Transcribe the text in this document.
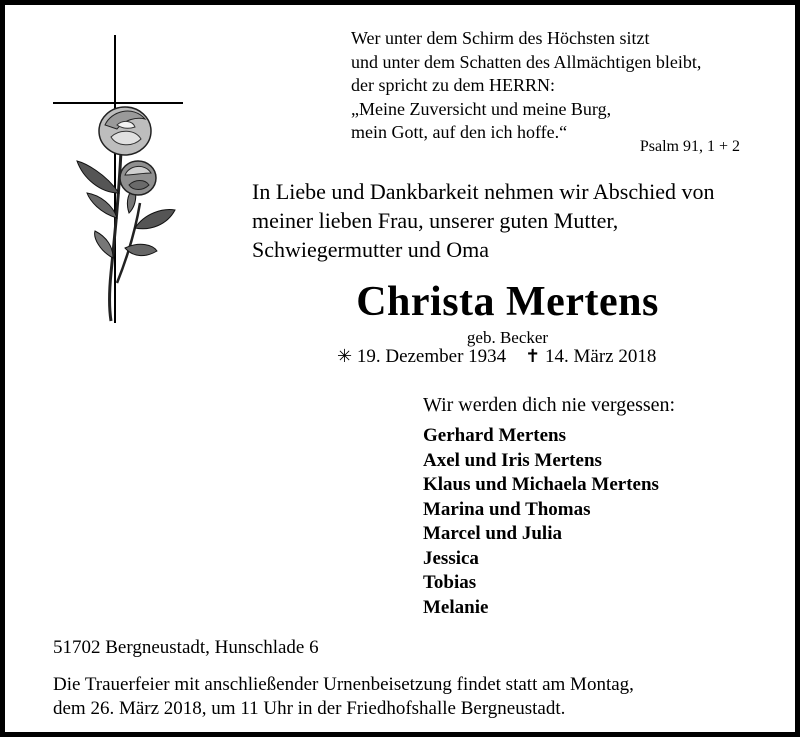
Wer unter dem Schirm des Höchsten sitzt
und unter dem Schatten des Allmächtigen bleibt,
der spricht zu dem HERRN:
„Meine Zuversicht und meine Burg,
mein Gott, auf den ich hoffe.“
Psalm 91, 1 + 2
In Liebe und Dankbarkeit nehmen wir Abschied von
meiner lieben Frau, unserer guten Mutter,
Schwiegermutter und Oma
Christa Mertens
geb. Becker
✳ 19. Dezember 1934 ✝ 14. März 2018
Wir werden dich nie vergessen:
Gerhard Mertens
Axel und Iris Mertens
Klaus und Michaela Mertens
Marina und Thomas
Marcel und Julia
Jessica
Tobias
Melanie
51702 Bergneustadt, Hunschlade 6
Die Trauerfeier mit anschließender Urnenbeisetzung findet statt am Montag,
dem 26. März 2018, um 11 Uhr in der Friedhofshalle Bergneustadt.
